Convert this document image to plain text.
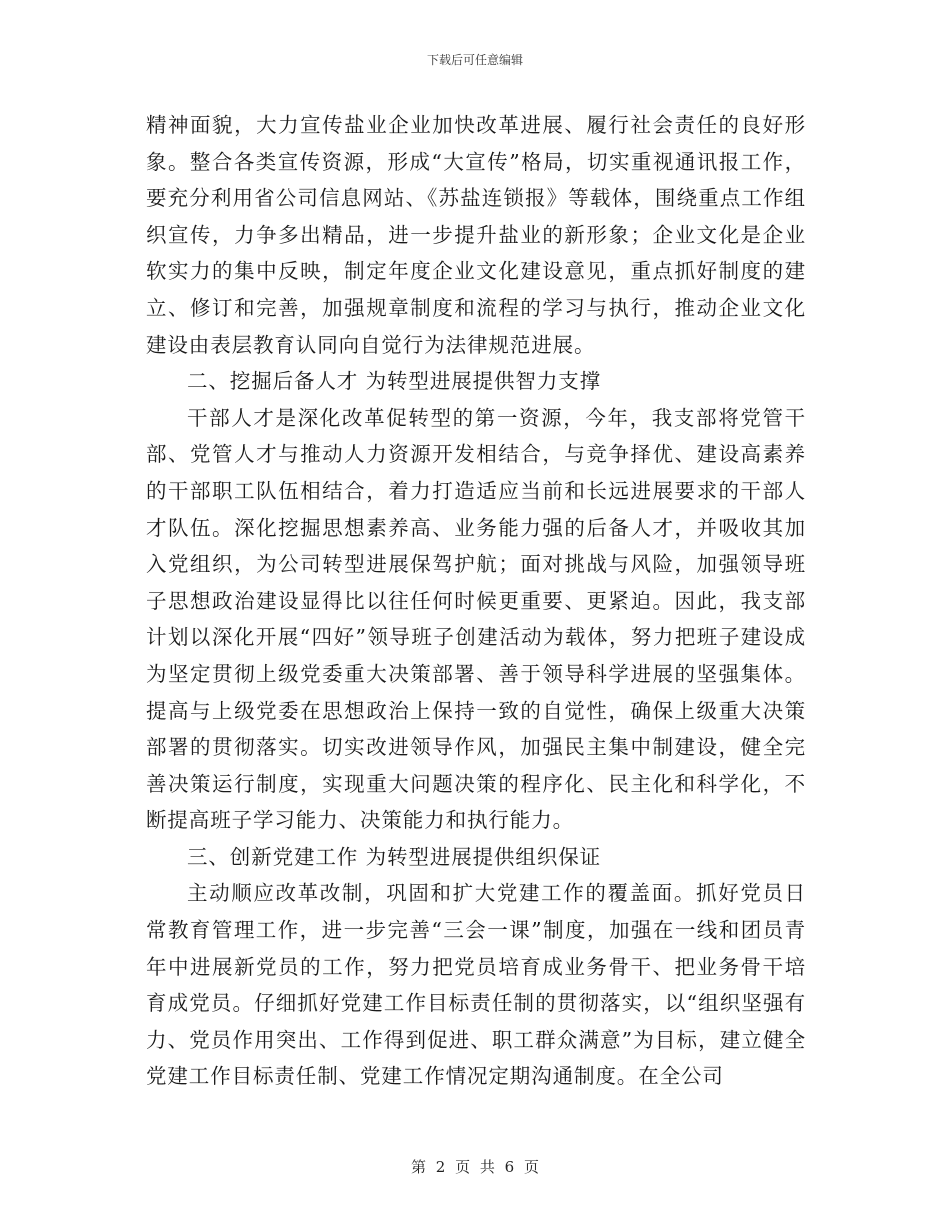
下载后可任意编辑

精神面貌，大力宣传盐业企业加快改革进展、履行社会责任的良好形象。整合各类宣传资源，形成“大宣传”格局，切实重视通讯报工作，要充分利用省公司信息网站、《苏盐连锁报》等载体，围绕重点工作组织宣传，力争多出精品，进一步提升盐业的新形象；企业文化是企业软实力的集中反映，制定年度企业文化建设意见，重点抓好制度的建立、修订和完善，加强规章制度和流程的学习与执行，推动企业文化建设由表层教育认同向自觉行为法律规范进展。

二、挖掘后备人才 为转型进展提供智力支撑

干部人才是深化改革促转型的第一资源，今年，我支部将党管干部、党管人才与推动人力资源开发相结合，与竞争择优、建设高素养的干部职工队伍相结合，着力打造适应当前和长远进展要求的干部人才队伍。深化挖掘思想素养高、业务能力强的后备人才，并吸收其加入党组织，为公司转型进展保驾护航；面对挑战与风险，加强领导班子思想政治建设显得比以往任何时候更重要、更紧迫。因此，我支部计划以深化开展“四好”领导班子创建活动为载体，努力把班子建设成为坚定贯彻上级党委重大决策部署、善于领导科学进展的坚强集体。提高与上级党委在思想政治上保持一致的自觉性，确保上级重大决策部署的贯彻落实。切实改进领导作风，加强民主集中制建设，健全完善决策运行制度，实现重大问题决策的程序化、民主化和科学化，不断提高班子学习能力、决策能力和执行能力。

三、创新党建工作 为转型进展提供组织保证

主动顺应改革改制，巩固和扩大党建工作的覆盖面。抓好党员日常教育管理工作，进一步完善“三会一课”制度，加强在一线和团员青年中进展新党员的工作，努力把党员培育成业务骨干、把业务骨干培育成党员。仔细抓好党建工作目标责任制的贯彻落实，以“组织坚强有力、党员作用突出、工作得到促进、职工群众满意”为目标，建立健全党建工作目标责任制、党建工作情况定期沟通制度。在全公司

第 2 页 共 6 页
